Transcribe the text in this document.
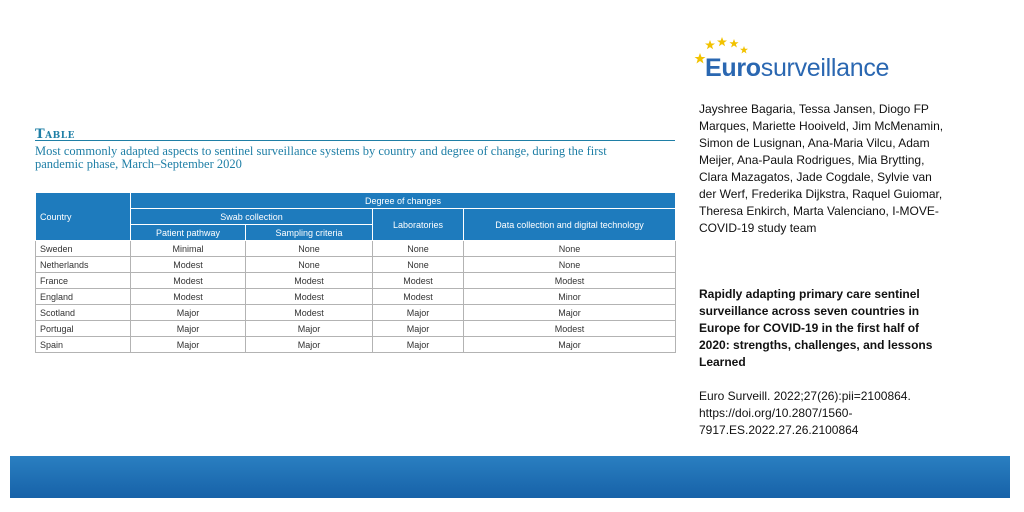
Table
Most commonly adapted aspects to sentinel surveillance systems by country and degree of change, during the first pandemic phase, March–September 2020
Country	Degree of changes			
	Swab collection		Laboratories	Data collection and digital technology
	Patient pathway	Sampling criteria		
Sweden	Minimal	None	None	None
Netherlands	Modest	None	None	None
France	Modest	Modest	Modest	Modest
England	Modest	Modest	Modest	Minor
Scotland	Major	Modest	Major	Major
Portugal	Major	Major	Major	Modest
Spain	Major	Major	Major	Major
Eurosurveillance
Jayshree Bagaria, Tessa Jansen, Diogo FP Marques, Mariette Hooiveld, Jim McMenamin, Simon de Lusignan, Ana-Maria Vilcu, Adam Meijer, Ana-Paula Rodrigues, Mia Brytting, Clara Mazagatos, Jade Cogdale, Sylvie van der Werf, Frederika Dijkstra, Raquel Guiomar, Theresa Enkirch, Marta Valenciano, I-MOVE-COVID-19 study team
Rapidly adapting primary care sentinel surveillance across seven countries in Europe for COVID-19 in the first half of 2020: strengths, challenges, and lessons Learned
Euro Surveill. 2022;27(26):pii=2100864. https://doi.org/10.2807/1560-7917.ES.2022.27.26.2100864
